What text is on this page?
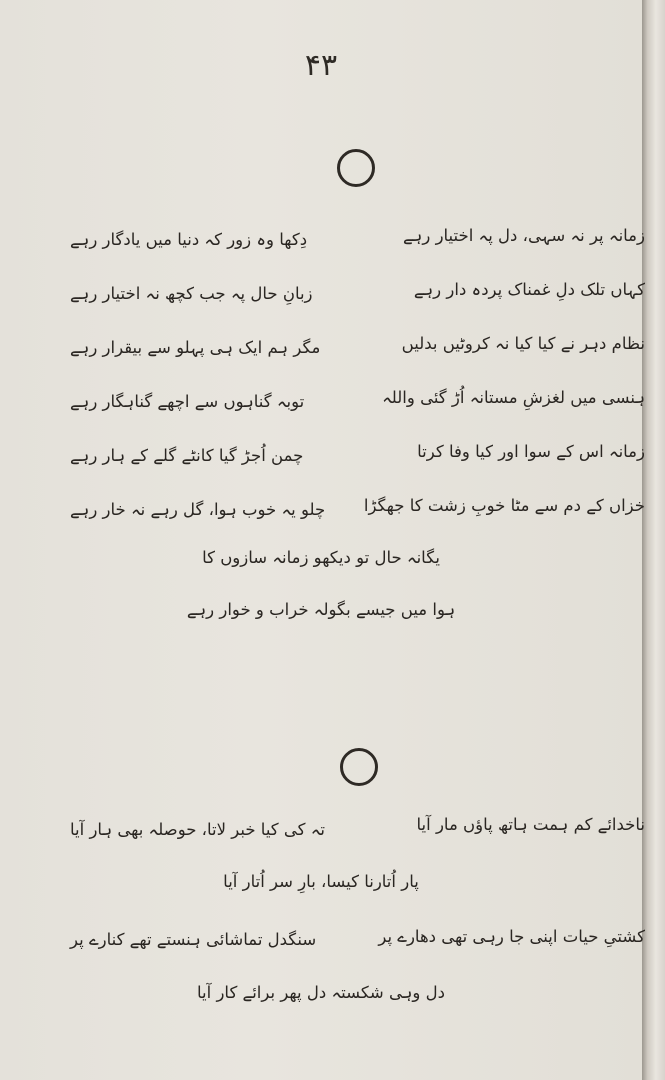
۴۳
زمانہ پر نہ سہی، دل پہ اختیار رہے
دِکھا وہ زور کہ دنیا میں یادگار رہے
کہاں تلک دلِ غمناک پردہ دار رہے
زبانِ حال پہ جب کچھ نہ اختیار رہے
نظام دہر نے کیا کیا نہ کروٹیں بدلیں
مگر ہم ایک ہی پہلو سے بیقرار رہے
ہنسی میں لغزشِ مستانہ اُڑ گئی واللہ
توبہ گناہوں سے اچھے گناہگار رہے
زمانہ اس کے سوا اور کیا وفا کرتا
چمن اُجڑ گیا کانٹے گلے کے ہار رہے
خزاں کے دم سے مٹا خوبِ زشت کا جھگڑا
چلو یہ خوب ہوا، گل رہے نہ خار رہے
یگانہ حال تو دیکھو زمانہ سازوں کا
ہوا میں جیسے بگولہ خراب و خوار رہے
ناخدائے کم ہمت ہاتھ پاؤں مار آیا
تہ کی کیا خبر لاتا، حوصلہ بھی ہار آیا
پار اُتارنا کیسا، بارِ سر اُتار آیا
کشتیِ حیات اپنی جا رہی تھی دھارے پر
سنگدل تماشائی ہنستے تھے کنارے پر
دل وہی شکستہ دل پھر برائے کار آیا
